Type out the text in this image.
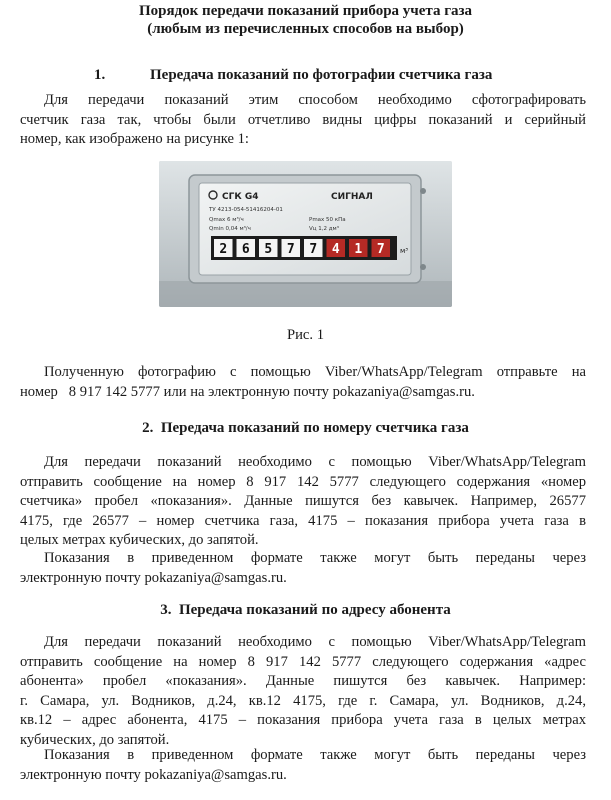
Порядок передачи показаний прибора учета газа
(любым из перечисленных способов на выбор)
1.	Передача показаний по фотографии счетчика газа
Для передачи показаний этим способом необходимо сфотографировать
счетчик газа так, чтобы были отчетливо видны цифры показаний и серийный
номер, как изображено на рисунке 1:
СГК G4	СИГНАЛ
ТУ 4213-054-51416204-01
Qmax 6 м³/ч
Qmin 0,04 м³/ч
Pmax 50 кПа
Vц 1,2 дм³
2 6 5 7 7 4 1 7 м³
Рис. 1
Полученную фотографию с помощью Viber/WhatsApp/Telegram отправьте на
номер   8 917 142 5777 или на электронную почту pokazaniya@samgas.ru.
2.  Передача показаний по номеру счетчика газа
Для передачи показаний необходимо с помощью Viber/WhatsApp/Telegram
отправить сообщение на номер 8 917 142 5777 следующего содержания «номер
счетчика» пробел «показания». Данные пишутся без кавычек. Например, 26577
4175, где 26577 – номер счетчика газа, 4175 – показания прибора учета газа в
целых метрах кубических, до запятой.
Показания в приведенном формате также могут быть переданы через
электронную почту pokazaniya@samgas.ru.
3.  Передача показаний по адресу абонента
Для передачи показаний необходимо с помощью Viber/WhatsApp/Telegram
отправить сообщение на номер 8 917 142 5777 следующего содержания «адрес
абонента» пробел «показания». Данные пишутся без кавычек. Например:
г. Самара, ул. Водников, д.24, кв.12 4175, где г. Самара, ул. Водников, д.24,
кв.12 – адрес абонента, 4175 – показания прибора учета газа в целых метрах
кубических, до запятой.
Показания в приведенном формате также могут быть переданы через
электронную почту pokazaniya@samgas.ru.
